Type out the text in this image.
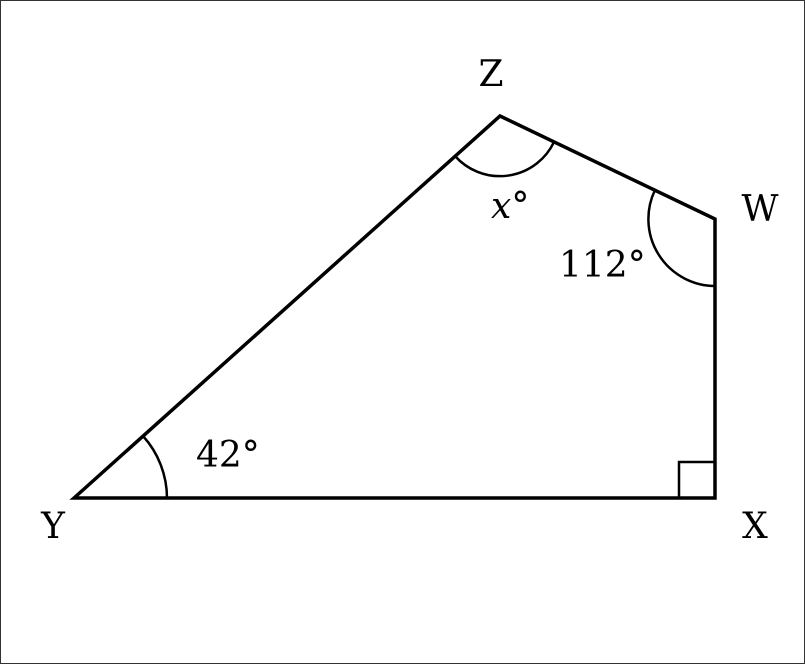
Z
W
Y	X
x°
112°
42°
